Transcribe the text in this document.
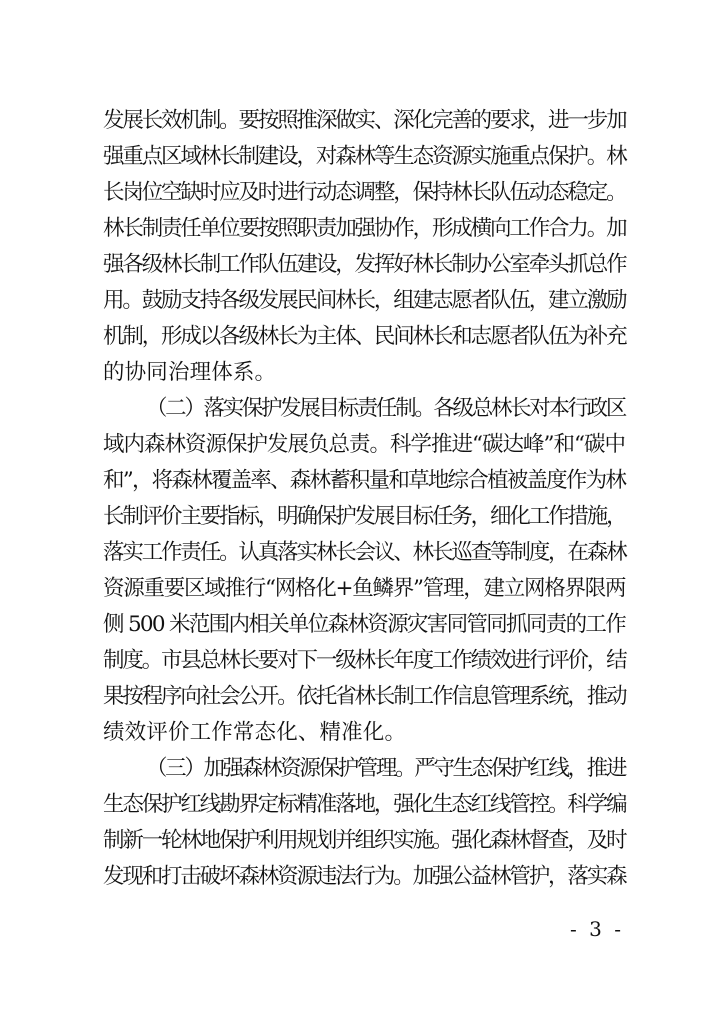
发展长效机制。要按照推深做实、深化完善的要求，进一步加
强重点区域林长制建设，对森林等生态资源实施重点保护。林
长岗位空缺时应及时进行动态调整，保持林长队伍动态稳定。
林长制责任单位要按照职责加强协作，形成横向工作合力。加
强各级林长制工作队伍建设，发挥好林长制办公室牵头抓总作
用。鼓励支持各级发展民间林长，组建志愿者队伍，建立激励
机制，形成以各级林长为主体、民间林长和志愿者队伍为补充
的协同治理体系。
（二）落实保护发展目标责任制。各级总林长对本行政区
域内森林资源保护发展负总责。科学推进“碳达峰”和“碳中
和”，将森林覆盖率、森林蓄积量和草地综合植被盖度作为林
长制评价主要指标，明确保护发展目标任务，细化工作措施，
落实工作责任。认真落实林长会议、林长巡查等制度，在森林
资源重要区域推行“网格化+鱼鳞界”管理，建立网格界限两
侧 500 米范围内相关单位森林资源灾害同管同抓同责的工作
制度。市县总林长要对下一级林长年度工作绩效进行评价，结
果按程序向社会公开。依托省林长制工作信息管理系统，推动
绩效评价工作常态化、精准化。
（三）加强森林资源保护管理。严守生态保护红线，推进
生态保护红线勘界定标精准落地，强化生态红线管控。科学编
制新一轮林地保护利用规划并组织实施。强化森林督查，及时
发现和打击破坏森林资源违法行为。加强公益林管护，落实森
- 3 -
